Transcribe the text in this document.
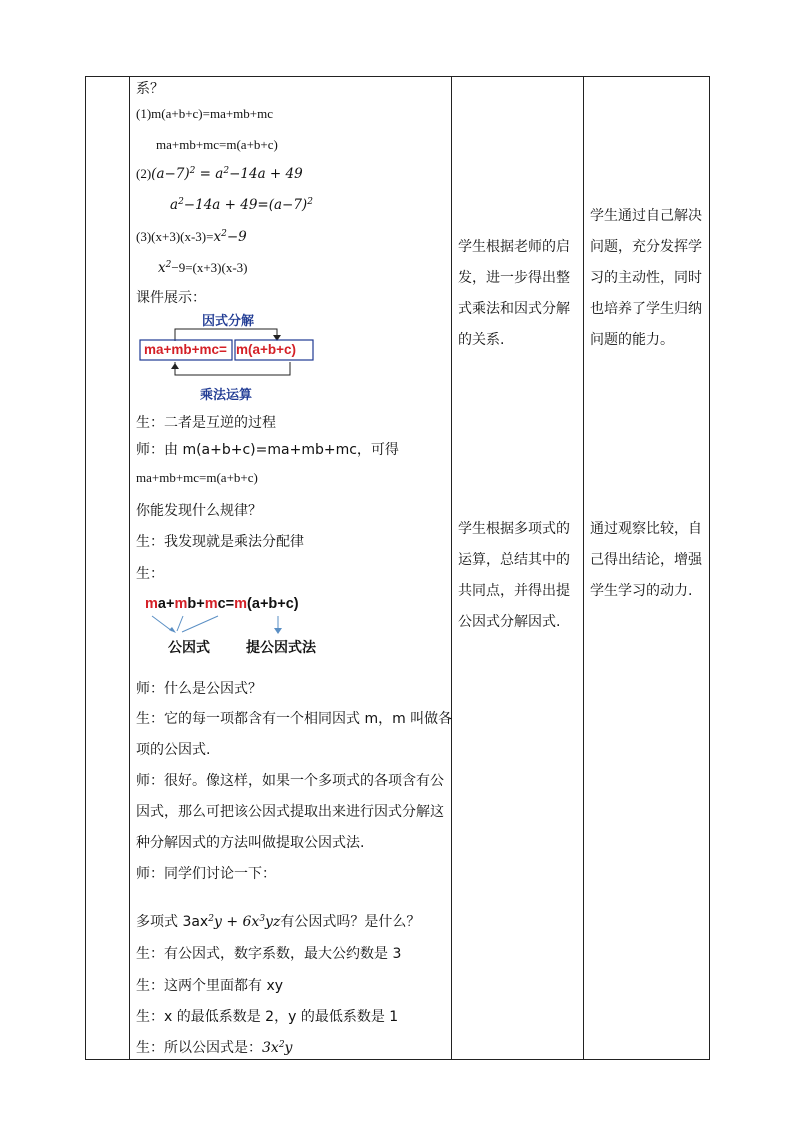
系？
(1)m(a+b+c)=ma+mb+mc
ma+mb+mc=m(a+b+c)
$(2)(a-7)^2 = a^2-14a + 49$
$a^2-14a + 49=(a-7)^2$
$(3)(x+3)(x-3)=x^2-9$
$x^2-9=(x+3)(x-3)$
课件展示：
因式分解
ma+mb+mc= m(a+b+c)
乘法运算
生：二者是互逆的过程
师：由 m(a+b+c)=ma+mb+mc，可得
ma+mb+mc=m(a+b+c)
你能发现什么规律？
生：我发现就是乘法分配律
生：
ma+mb+mc=m(a+b+c)
公因式	提公因式法
师：什么是公因式？
生：它的每一项都含有一个相同因式 m，m 叫做各
项的公因式.
师：很好。像这样，如果一个多项式的各项含有公
因式，那么可把该公因式提取出来进行因式分解这
种分解因式的方法叫做提取公因式法.
师：同学们讨论一下：
多项式 $3ax^2y + 6x^3yz$有公因式吗？是什么？
生：有公因式，数字系数，最大公约数是 3
生：这两个里面都有 xy
生：x 的最低系数是 2，y 的最低系数是 1
生：所以公因式是：$3x^2y$
学生根据老师的启发，进一步得出整式乘法和因式分解的关系.
学生根据多项式的运算，总结其中的共同点，并得出提公因式分解因式.
学生通过自己解决问题，充分发挥学习的主动性，同时也培养了学生归纳问题的能力。
通过观察比较，自己得出结论，增强学生学习的动力.
